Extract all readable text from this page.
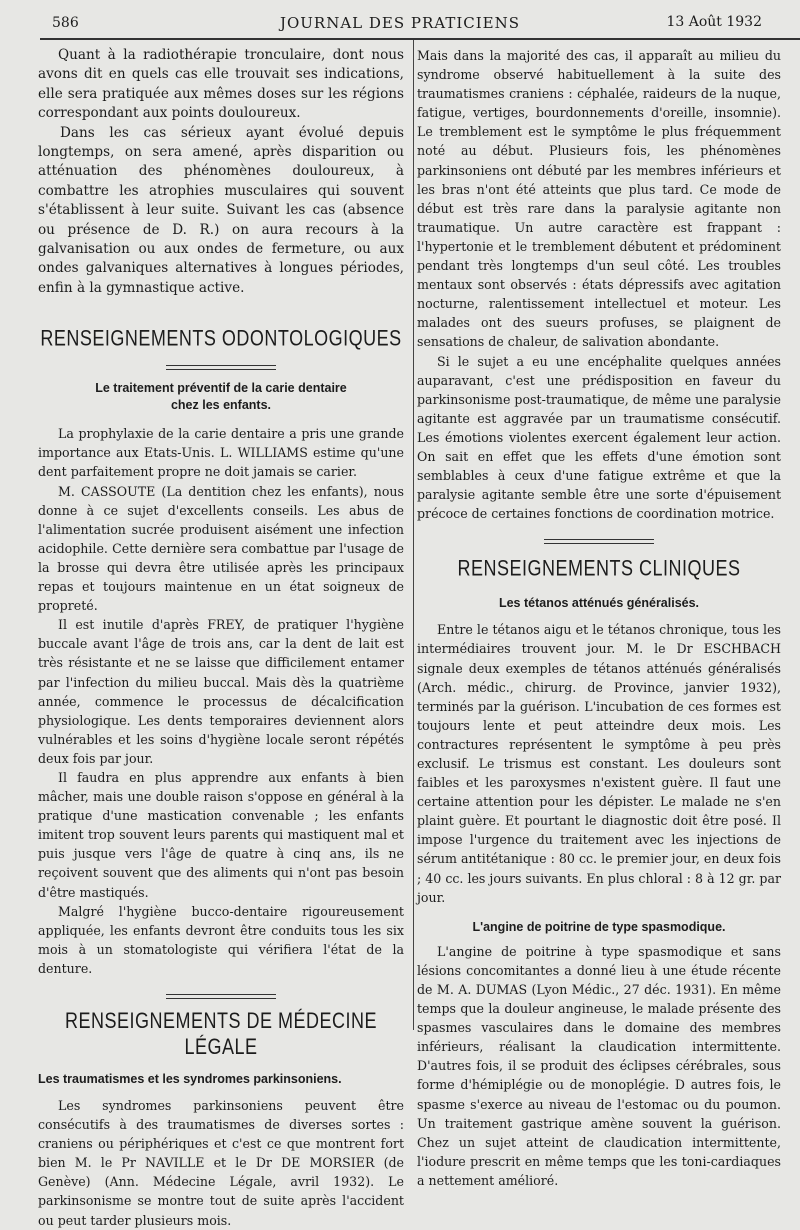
586	JOURNAL DES PRATICIENS	13 Août 1932

Quant à la radiothérapie tronculaire, dont nous avons dit en quels cas elle trouvait ses indications, elle sera pratiquée aux mêmes doses sur les régions correspondant aux points douloureux.

Dans les cas sérieux ayant évolué depuis longtemps, on sera amené, après disparition ou atténuation des phénomènes douloureux, à combattre les atrophies musculaires qui souvent s'établissent à leur suite. Suivant les cas (absence ou présence de D. R.) on aura recours à la galvanisation ou aux ondes de fermeture, ou aux ondes galvaniques alternatives à longues périodes, enfin à la gymnastique active.

RENSEIGNEMENTS ODONTOLOGIQUES

Le traitement préventif de la carie dentaire

chez les enfants.

La prophylaxie de la carie dentaire a pris une grande importance aux Etats-Unis. L. WILLIAMS estime qu'une dent parfaitement propre ne doit jamais se carier.

M. CASSOUTE (La dentition chez les enfants), nous donne à ce sujet d'excellents conseils. Les abus de l'alimentation sucrée produisent aisément une infection acidophile. Cette dernière sera combattue par l'usage de la brosse qui devra être utilisée après les principaux repas et toujours maintenue en un état soigneux de propreté.

Il est inutile d'après FREY, de pratiquer l'hygiène buccale avant l'âge de trois ans, car la dent de lait est très résistante et ne se laisse que difficilement entamer par l'infection du milieu buccal. Mais dès la quatrième année, commence le processus de décalcification physiologique. Les dents temporaires deviennent alors vulnérables et les soins d'hygiène locale seront répétés deux fois par jour.

Il faudra en plus apprendre aux enfants à bien mâcher, mais une double raison s'oppose en général à la pratique d'une mastication convenable ; les enfants imitent trop souvent leurs parents qui mastiquent mal et puis jusque vers l'âge de quatre à cinq ans, ils ne reçoivent souvent que des aliments qui n'ont pas besoin d'être mastiqués.

Malgré l'hygiène bucco-dentaire rigoureusement appliquée, les enfants devront être conduits tous les six mois à un stomatologiste qui vérifiera l'état de la denture.

RENSEIGNEMENTS DE MÉDECINE LÉGALE

Les traumatismes et les syndromes parkinsoniens.

Les syndromes parkinsoniens peuvent être consécutifs à des traumatismes de diverses sortes : craniens ou périphériques et c'est ce que montrent fort bien M. le Pr NAVILLE et le Dr DE MORSIER (de Genève) (Ann. Médecine Légale, avril 1932). Le parkinsonisme se montre tout de suite après l'accident ou peut tarder plusieurs mois.

Mais dans la majorité des cas, il apparaît au milieu du syndrome observé habituellement à la suite des traumatismes craniens : céphalée, raideurs de la nuque, fatigue, vertiges, bourdonnements d'oreille, insomnie). Le tremblement est le symptôme le plus fréquemment noté au début. Plusieurs fois, les phénomènes parkinsoniens ont débuté par les membres inférieurs et les bras n'ont été atteints que plus tard. Ce mode de début est très rare dans la paralysie agitante non traumatique. Un autre caractère est frappant : l'hypertonie et le tremblement débutent et prédominent pendant très longtemps d'un seul côté. Les troubles mentaux sont observés : états dépressifs avec agitation nocturne, ralentissement intellectuel et moteur. Les malades ont des sueurs profuses, se plaignent de sensations de chaleur, de salivation abondante.

Si le sujet a eu une encéphalite quelques années auparavant, c'est une prédisposition en faveur du parkinsonisme post-traumatique, de même une paralysie agitante est aggravée par un traumatisme consécutif. Les émotions violentes exercent également leur action. On sait en effet que les effets d'une émotion sont semblables à ceux d'une fatigue extrême et que la paralysie agitante semble être une sorte d'épuisement précoce de certaines fonctions de coordination motrice.

RENSEIGNEMENTS CLINIQUES

Les tétanos atténués généralisés.

Entre le tétanos aigu et le tétanos chronique, tous les intermédiaires trouvent jour. M. le Dr ESCHBACH signale deux exemples de tétanos atténués généralisés (Arch. médic., chirurg. de Province, janvier 1932), terminés par la guérison. L'incubation de ces formes est toujours lente et peut atteindre deux mois. Les contractures représentent le symptôme à peu près exclusif. Le trismus est constant. Les douleurs sont faibles et les paroxysmes n'existent guère. Il faut une certaine attention pour les dépister. Le malade ne s'en plaint guère. Et pourtant le diagnostic doit être posé. Il impose l'urgence du traitement avec les injections de sérum antitétanique : 80 cc. le premier jour, en deux fois ; 40 cc. les jours suivants. En plus chloral : 8 à 12 gr. par jour.

L'angine de poitrine de type spasmodique.

L'angine de poitrine à type spasmodique et sans lésions concomitantes a donné lieu à une étude récente de M. A. DUMAS (Lyon Médic., 27 déc. 1931). En même temps que la douleur angineuse, le malade présente des spasmes vasculaires dans le domaine des membres inférieurs, réalisant la claudication intermittente. D'autres fois, il se produit des éclipses cérébrales, sous forme d'hémiplégie ou de monoplégie. D autres fois, le spasme s'exerce au niveau de l'estomac ou du poumon. Un traitement gastrique amène souvent la guérison. Chez un sujet atteint de claudication intermittente, l'iodure prescrit en même temps que les toni-cardiaques a nettement amélioré.
